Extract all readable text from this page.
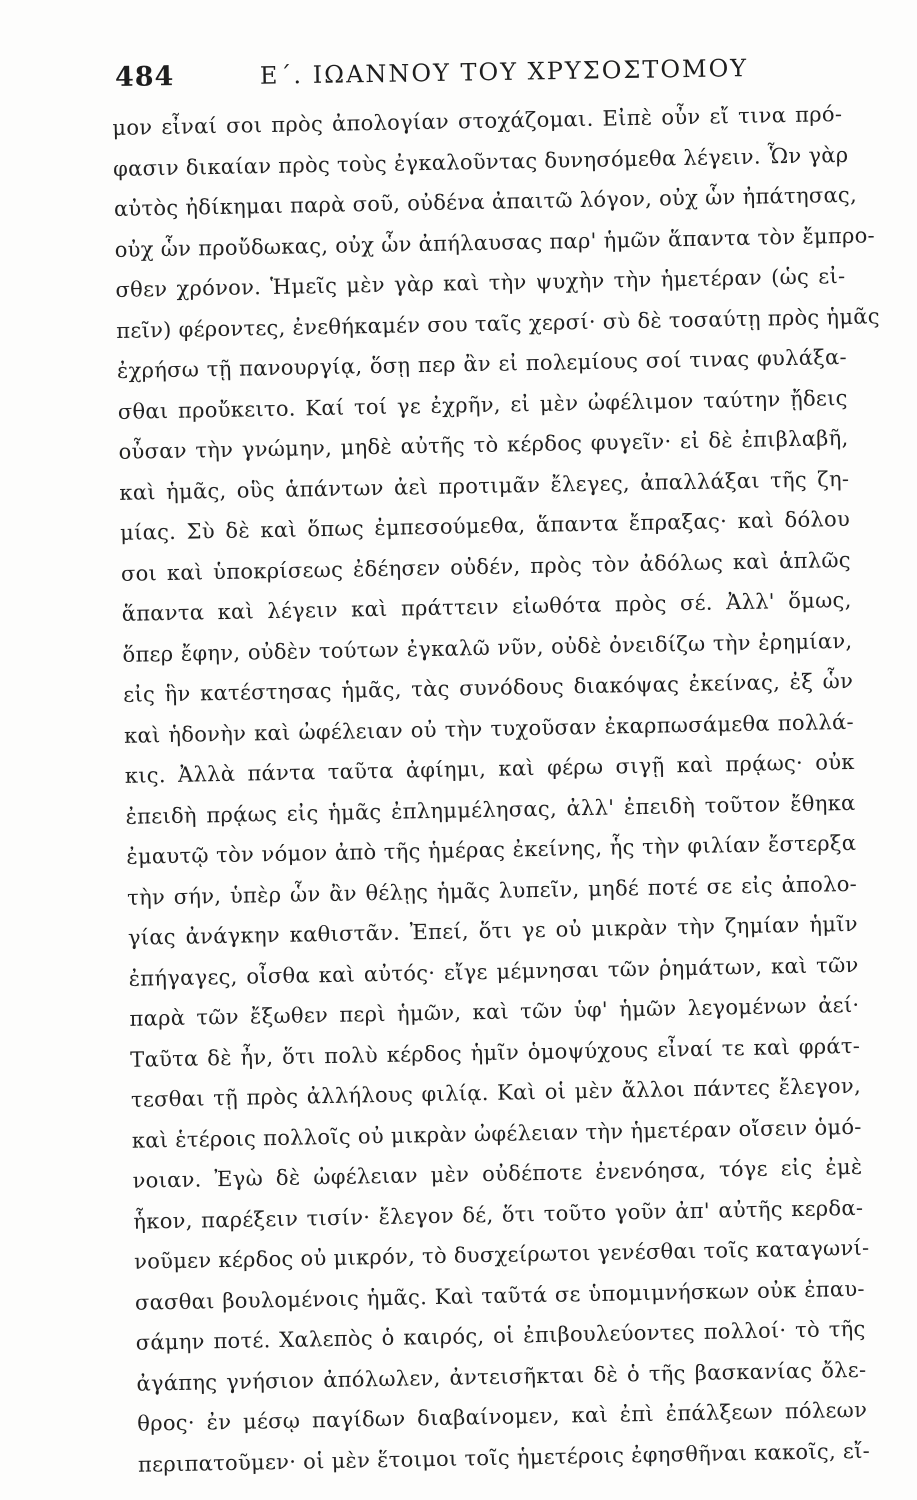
484	Ε΄. ΙΩΑΝΝΟΥ ΤΟΥ ΧΡΥΣΟΣΤΟΜΟΥ
μον εἶναί σοι πρὸς ἀπολογίαν στοχάζομαι. Εἰπὲ οὖν εἴ τινα πρό-
φασιν δικαίαν πρὸς τοὺς ἐγκαλοῦντας δυνησόμεθα λέγειν. Ὧν γὰρ
αὐτὸς ἠδίκημαι παρὰ σοῦ, οὐδένα ἀπαιτῶ λόγον, οὐχ ὧν ἠπάτησας,
οὐχ ὧν προὔδωκας, οὐχ ὧν ἀπήλαυσας παρ' ἡμῶν ἅπαντα τὸν ἔμπρο-
σθεν χρόνον. Ἡμεῖς μὲν γὰρ καὶ τὴν ψυχὴν τὴν ἡμετέραν (ὡς εἰ-
πεῖν) φέροντες, ἐνεθήκαμέν σου ταῖς χερσί· σὺ δὲ τοσαύτῃ πρὸς ἡμᾶς
ἐχρήσω τῇ πανουργίᾳ, ὅσῃ περ ἂν εἰ πολεμίους σοί τινας φυλάξα-
σθαι προὔκειτο. Καί τοί γε ἐχρῆν, εἰ μὲν ὠφέλιμον ταύτην ᾔδεις
οὖσαν τὴν γνώμην, μηδὲ αὐτῆς τὸ κέρδος φυγεῖν· εἰ δὲ ἐπιβλαβῆ,
καὶ ἡμᾶς, οὓς ἁπάντων ἀεὶ προτιμᾶν ἔλεγες, ἀπαλλάξαι τῆς ζη-
μίας. Σὺ δὲ καὶ ὅπως ἐμπεσούμεθα, ἅπαντα ἔπραξας· καὶ δόλου
σοι καὶ ὑποκρίσεως ἐδέησεν οὐδέν, πρὸς τὸν ἀδόλως καὶ ἁπλῶς
ἅπαντα καὶ λέγειν καὶ πράττειν εἰωθότα πρὸς σέ. Ἀλλ' ὅμως,
ὅπερ ἔφην, οὐδὲν τούτων ἐγκαλῶ νῦν, οὐδὲ ὀνειδίζω τὴν ἐρημίαν,
εἰς ἣν κατέστησας ἡμᾶς, τὰς συνόδους διακόψας ἐκείνας, ἐξ ὧν
καὶ ἡδονὴν καὶ ὠφέλειαν οὐ τὴν τυχοῦσαν ἐκαρπωσάμεθα πολλά-
κις. Ἀλλὰ πάντα ταῦτα ἀφίημι, καὶ φέρω σιγῇ καὶ πρᾴως· οὐκ
ἐπειδὴ πρᾴως εἰς ἡμᾶς ἐπλημμέλησας, ἀλλ' ἐπειδὴ τοῦτον ἔθηκα
ἐμαυτῷ τὸν νόμον ἀπὸ τῆς ἡμέρας ἐκείνης, ἧς τὴν φιλίαν ἔστερξα
τὴν σήν, ὑπὲρ ὧν ἂν θέλῃς ἡμᾶς λυπεῖν, μηδέ ποτέ σε εἰς ἀπολο-
γίας ἀνάγκην καθιστᾶν. Ἐπεί, ὅτι γε οὐ μικρὰν τὴν ζημίαν ἡμῖν
ἐπήγαγες, οἶσθα καὶ αὐτός· εἴγε μέμνησαι τῶν ῥημάτων, καὶ τῶν
παρὰ τῶν ἔξωθεν περὶ ἡμῶν, καὶ τῶν ὑφ' ἡμῶν λεγομένων ἀεί·
Ταῦτα δὲ ἦν, ὅτι πολὺ κέρδος ἡμῖν ὁμοψύχους εἶναί τε καὶ φράτ-
τεσθαι τῇ πρὸς ἀλλήλους φιλίᾳ. Καὶ οἱ μὲν ἄλλοι πάντες ἔλεγον,
καὶ ἑτέροις πολλοῖς οὐ μικρὰν ὠφέλειαν τὴν ἡμετέραν οἴσειν ὁμό-
νοιαν. Ἐγὼ δὲ ὠφέλειαν μὲν οὐδέποτε ἐνενόησα, τόγε εἰς ἐμὲ
ἧκον, παρέξειν τισίν· ἔλεγον δέ, ὅτι τοῦτο γοῦν ἀπ' αὐτῆς κερδα-
νοῦμεν κέρδος οὐ μικρόν, τὸ δυσχείρωτοι γενέσθαι τοῖς καταγωνί-
σασθαι βουλομένοις ἡμᾶς. Καὶ ταῦτά σε ὑπομιμνήσκων οὐκ ἐπαυ-
σάμην ποτέ. Χαλεπὸς ὁ καιρός, οἱ ἐπιβουλεύοντες πολλοί· τὸ τῆς
ἀγάπης γνήσιον ἀπόλωλεν, ἀντεισῆκται δὲ ὁ τῆς βασκανίας ὄλε-
θρος· ἐν μέσῳ παγίδων διαβαίνομεν, καὶ ἐπὶ ἐπάλξεων πόλεων
περιπατοῦμεν· οἱ μὲν ἕτοιμοι τοῖς ἡμετέροις ἐφησθῆναι κακοῖς, εἴ-
